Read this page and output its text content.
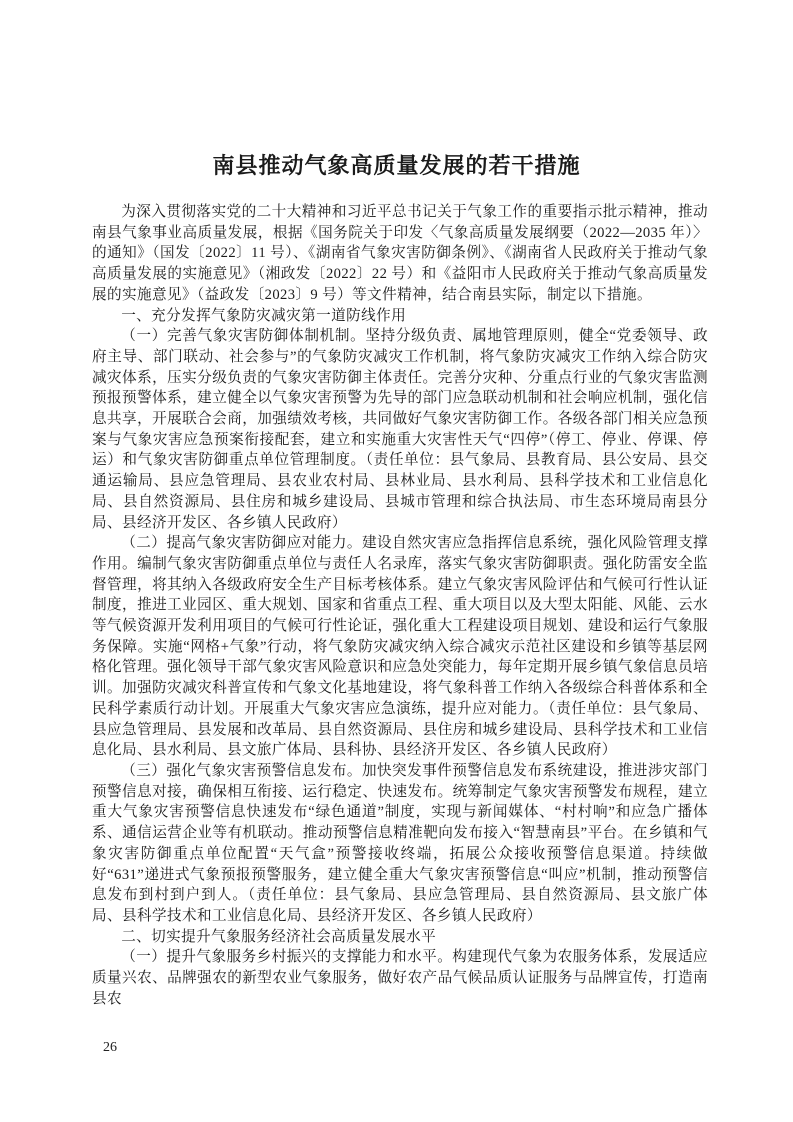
南县推动气象高质量发展的若干措施

为深入贯彻落实党的二十大精神和习近平总书记关于气象工作的重要指示批示精神，推动南县气象事业高质量发展，根据《国务院关于印发〈气象高质量发展纲要（2022—2035 年）〉的通知》（国发〔2022〕11 号）、《湖南省气象灾害防御条例》、《湖南省人民政府关于推动气象高质量发展的实施意见》（湘政发〔2022〕22 号）和《益阳市人民政府关于推动气象高质量发展的实施意见》（益政发〔2023〕9 号）等文件精神，结合南县实际，制定以下措施。

一、充分发挥气象防灾减灾第一道防线作用

（一）完善气象灾害防御体制机制。坚持分级负责、属地管理原则，健全“党委领导、政府主导、部门联动、社会参与”的气象防灾减灾工作机制，将气象防灾减灾工作纳入综合防灾减灾体系，压实分级负责的气象灾害防御主体责任。完善分灾种、分重点行业的气象灾害监测预报预警体系，建立健全以气象灾害预警为先导的部门应急联动机制和社会响应机制，强化信息共享，开展联合会商，加强绩效考核，共同做好气象灾害防御工作。各级各部门相关应急预案与气象灾害应急预案衔接配套，建立和实施重大灾害性天气“四停”（停工、停业、停课、停运）和气象灾害防御重点单位管理制度。（责任单位：县气象局、县教育局、县公安局、县交通运输局、县应急管理局、县农业农村局、县林业局、县水利局、县科学技术和工业信息化局、县自然资源局、县住房和城乡建设局、县城市管理和综合执法局、市生态环境局南县分局、县经济开发区、各乡镇人民政府）

（二）提高气象灾害防御应对能力。建设自然灾害应急指挥信息系统，强化风险管理支撑作用。编制气象灾害防御重点单位与责任人名录库，落实气象灾害防御职责。强化防雷安全监督管理，将其纳入各级政府安全生产目标考核体系。建立气象灾害风险评估和气候可行性认证制度，推进工业园区、重大规划、国家和省重点工程、重大项目以及大型太阳能、风能、云水等气候资源开发利用项目的气候可行性论证，强化重大工程建设项目规划、建设和运行气象服务保障。实施“网格+气象”行动，将气象防灾减灾纳入综合减灾示范社区建设和乡镇等基层网格化管理。强化领导干部气象灾害风险意识和应急处突能力，每年定期开展乡镇气象信息员培训。加强防灾减灾科普宣传和气象文化基地建设，将气象科普工作纳入各级综合科普体系和全民科学素质行动计划。开展重大气象灾害应急演练，提升应对能力。（责任单位：县气象局、县应急管理局、县发展和改革局、县自然资源局、县住房和城乡建设局、县科学技术和工业信息化局、县水利局、县文旅广体局、县科协、县经济开发区、各乡镇人民政府）

（三）强化气象灾害预警信息发布。加快突发事件预警信息发布系统建设，推进涉灾部门预警信息对接，确保相互衔接、运行稳定、快速发布。统筹制定气象灾害预警发布规程，建立重大气象灾害预警信息快速发布“绿色通道”制度，实现与新闻媒体、“村村响”和应急广播体系、通信运营企业等有机联动。推动预警信息精准靶向发布接入“智慧南县”平台。在乡镇和气象灾害防御重点单位配置“天气盒”预警接收终端，拓展公众接收预警信息渠道。持续做好“631”递进式气象预报预警服务，建立健全重大气象灾害预警信息“叫应”机制，推动预警信息发布到村到户到人。（责任单位：县气象局、县应急管理局、县自然资源局、县文旅广体局、县科学技术和工业信息化局、县经济开发区、各乡镇人民政府）

二、切实提升气象服务经济社会高质量发展水平

（一）提升气象服务乡村振兴的支撑能力和水平。构建现代气象为农服务体系，发展适应质量兴农、品牌强农的新型农业气象服务，做好农产品气候品质认证服务与品牌宣传，打造南县农

26
